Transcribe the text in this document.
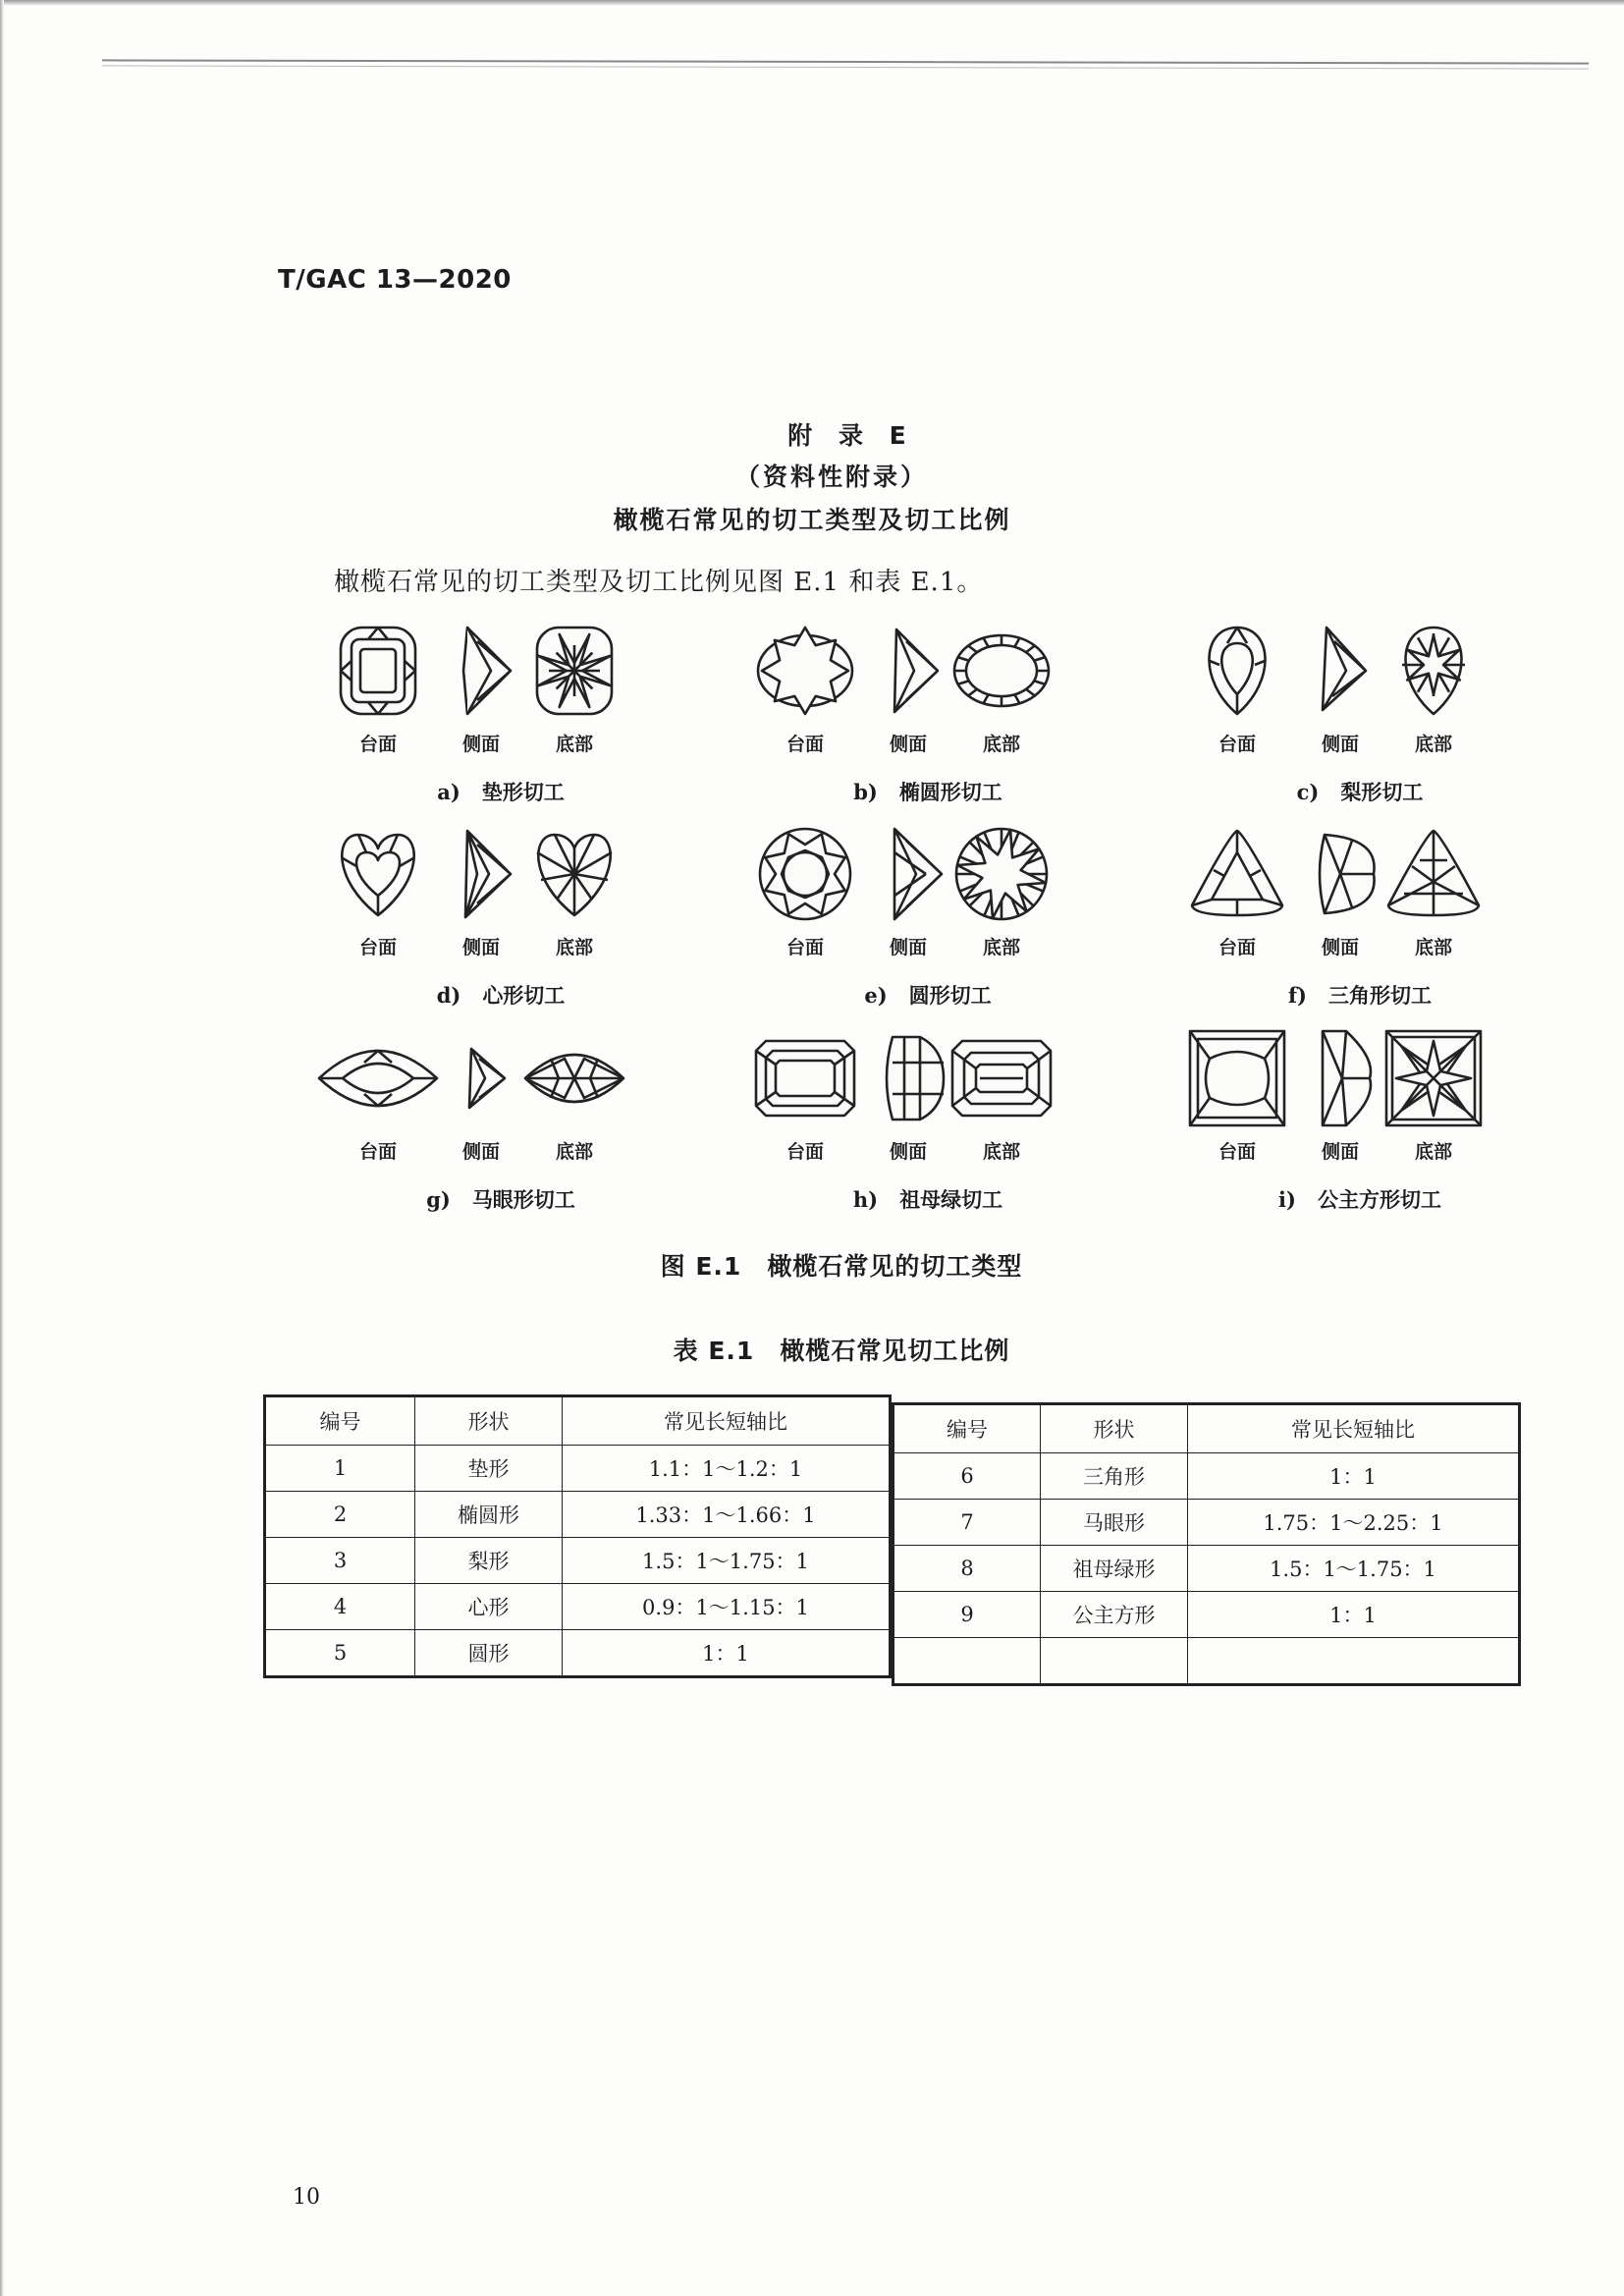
T/GAC 13—2020
附 录 E
（资料性附录）
橄榄石常见的切工类型及切工比例
橄榄石常见的切工类型及切工比例见图 E.1 和表 E.1。
台面	侧面	底部
a) 垫形切工
台面	侧面	底部
b) 椭圆形切工
台面	侧面	底部
c) 梨形切工
台面	侧面	底部
d) 心形切工
台面	侧面	底部
e) 圆形切工
台面	侧面	底部
f) 三角形切工
台面	侧面	底部
g) 马眼形切工
台面	侧面	底部
h) 祖母绿切工
台面	侧面	底部
i) 公主方形切工
图 E.1 橄榄石常见的切工类型
表 E.1 橄榄石常见切工比例
编号	形状	常见长短轴比
1	垫形	1.1：1～1.2：1
2	椭圆形	1.33：1～1.66：1
3	梨形	1.5：1～1.75：1
4	心形	0.9：1～1.15：1
5	圆形	1：1
编号	形状	常见长短轴比
6	三角形	1：1
7	马眼形	1.75：1～2.25：1
8	祖母绿形	1.5：1～1.75：1
9	公主方形	1：1

10
